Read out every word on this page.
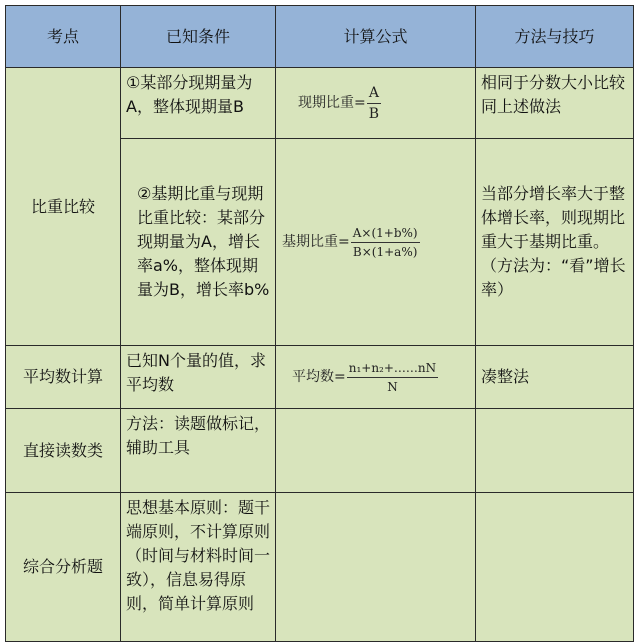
考点	已知条件	计算公式	方法与技巧
比重比较	①某部分现期量为A，整体现期量B	现期比重= $\frac{A}{B}$	相同于分数大小比较同上述做法
	②基期比重与现期比重比较：某部分现期量为A，增长率a%，整体现期量为B，增长率b%	基期比重= $\frac{A\times(1+b\%)}{B\times(1+a\%)}$	当部分增长率大于整体增长率，则现期比重大于基期比重。（方法为：“看”增长率）
平均数计算	已知N个量的值，求平均数	平均数= $\frac{\text{n₁+n₂+……nN}}{N}$	凑整法
直接读数类	方法：读题做标记，辅助工具		
综合分析题	思想基本原则：题干端原则，不计算原则（时间与材料时间一致），信息易得原则，简单计算原则		
